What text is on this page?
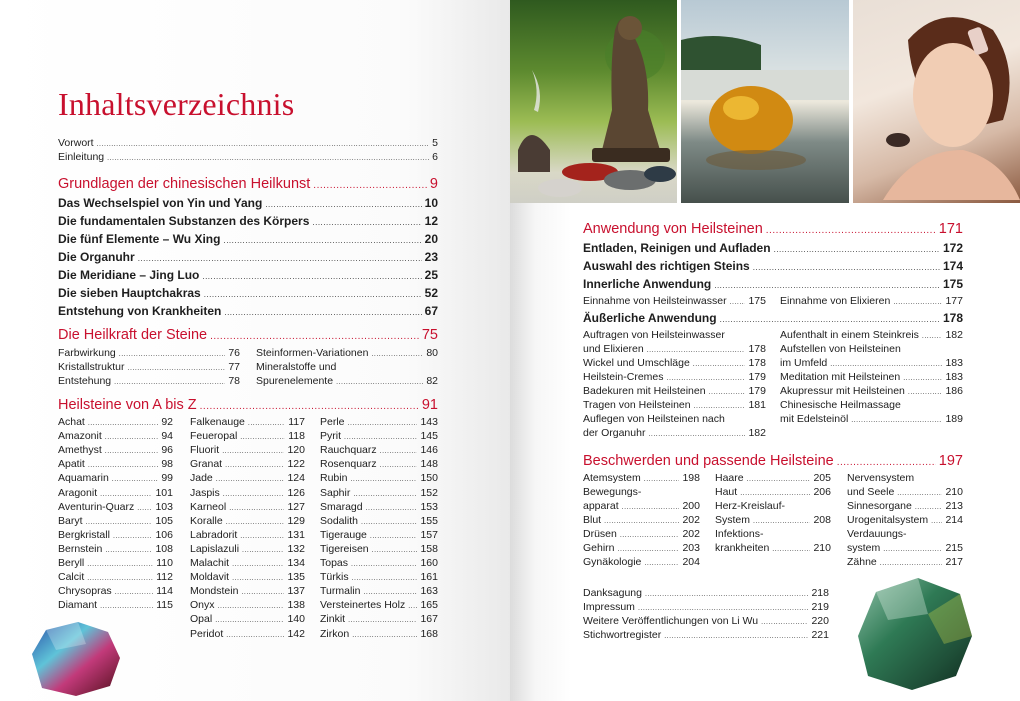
Inhaltsverzeichnis
Vorwort .....	5
Einleitung .....	6
Grundlagen der chinesischen Heilkunst .....	9
Das Wechselspiel von Yin und Yang .....	10
Die fundamentalen Substanzen des Körpers .....	12
Die fünf Elemente – Wu Xing .....	20
Die Organuhr .....	23
Die Meridiane – Jing Luo .....	25
Die sieben Hauptchakras .....	52
Entstehung von Krankheiten .....	67
Die Heilkraft der Steine .....	75
Farbwirkung .....	76
Kristallstruktur .....	77
Entstehung .....	78
Steinformen-Variationen .....	80
Mineralstoffe und
Spurenelemente .....	82
Heilsteine von A bis Z .....	91
Achat .....	92
Amazonit .....	94
Amethyst .....	96
Apatit .....	98
Aquamarin .....	99
Aragonit .....	101
Aventurin-Quarz ..... 103
Baryt .....	105
Bergkristall .....	106
Bernstein .....	108
Beryll .....	110
Calcit .....	112
Chrysopras .....	114
Diamant .....	115
Falkenauge .....	117
Feueropal .....	118
Fluorit .....	120
Granat .....	122
Jade .....	124
Jaspis .....	126
Karneol .....	127
Koralle .....	129
Labradorit .....	131
Lapislazuli .....	132
Malachit .....	134
Moldavit .....	135
Mondstein .....	137
Onyx .....	138
Opal .....	140
Peridot .....	142
Perle .....	143
Pyrit .....	145
Rauchquarz .....	146
Rosenquarz .....	148
Rubin .....	150
Saphir .....	152
Smaragd .....	153
Sodalith .....	155
Tigerauge .....	157
Tigereisen .....	158
Topas .....	160
Türkis .....	161
Turmalin .....	163
Versteinertes Holz ..... 165
Zinkit .....	167
Zirkon .....	168
Anwendung von Heilsteinen .....	171
Entladen, Reinigen und Aufladen .....	172
Auswahl des richtigen Steins .....	174
Innerliche Anwendung .....	175
Einnahme von Heilsteinwasser ..... 175 Einnahme von Elixieren .....	177
Äußerliche Anwendung .....	178
Auftragen von Heilsteinwasser
und Elixieren .....	178
Wickel und Umschläge .....	178
Heilstein-Cremes .....	179
Badekuren mit Heilsteinen .....	179
Tragen von Heilsteinen .....	181
Auflegen von Heilsteinen nach
der Organuhr .....	182
Aufenthalt in einem Steinkreis .....	182
Aufstellen von Heilsteinen
im Umfeld .....	183
Meditation mit Heilsteinen .....	183
Akupressur mit Heilsteinen .....	186
Chinesische Heilmassage
mit Edelsteinöl .....	189
Beschwerden und passende Heilsteine .....	197
Atemsystem .....	198
Bewegungs-
apparat .....	200
Blut .....	202
Drüsen .....	202
Gehirn .....	203
Gynäkologie .....	204
Haare .....	205
Haut .....	206
Herz-Kreislauf-
System .....	208
Infektions-
krankheiten .....	210
Nervensystem
und Seele .....	210
Sinnesorgane .....	213
Urogenitalsystem ..... 214
Verdauungs-
system .....	215
Zähne .....	217
Danksagung .....	218
Impressum .....	219
Weitere Veröffentlichungen von Li Wu .....	220
Stichwortregister .....	221
